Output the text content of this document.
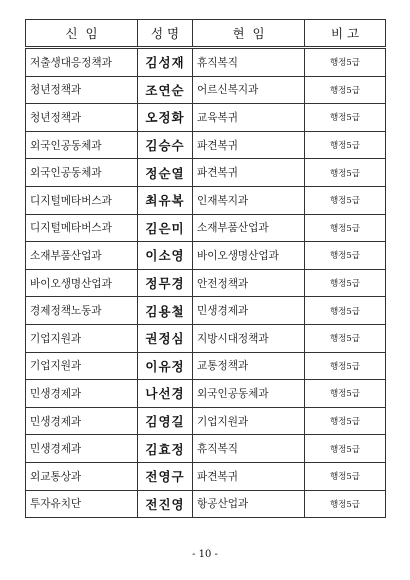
신  임	성 명	현  임	비 고
저출생대응정책과	김성재	휴직복직	행정5급
청년정책과	조연순	어르신복지과	행정5급
청년정책과	오정화	교육복귀	행정5급
외국인공동체과	김승수	파견복귀	행정5급
외국인공동체과	정순열	파견복귀	행정5급
디지털메타버스과	최유복	인재복지과	행정5급
디지털메타버스과	김은미	소재부품산업과	행정5급
소재부품산업과	이소영	바이오생명산업과	행정5급
바이오생명산업과	정무경	안전정책과	행정5급
경제정책노동과	김용철	민생경제과	행정5급
기업지원과	권정심	지방시대정책과	행정5급
기업지원과	이유정	교통정책과	행정5급
민생경제과	나선경	외국인공동체과	행정5급
민생경제과	김영길	기업지원과	행정5급
민생경제과	김효정	휴직복직	행정5급
외교통상과	전영구	파견복귀	행정5급
투자유치단	전진영	항공산업과	행정5급
- 10 -
